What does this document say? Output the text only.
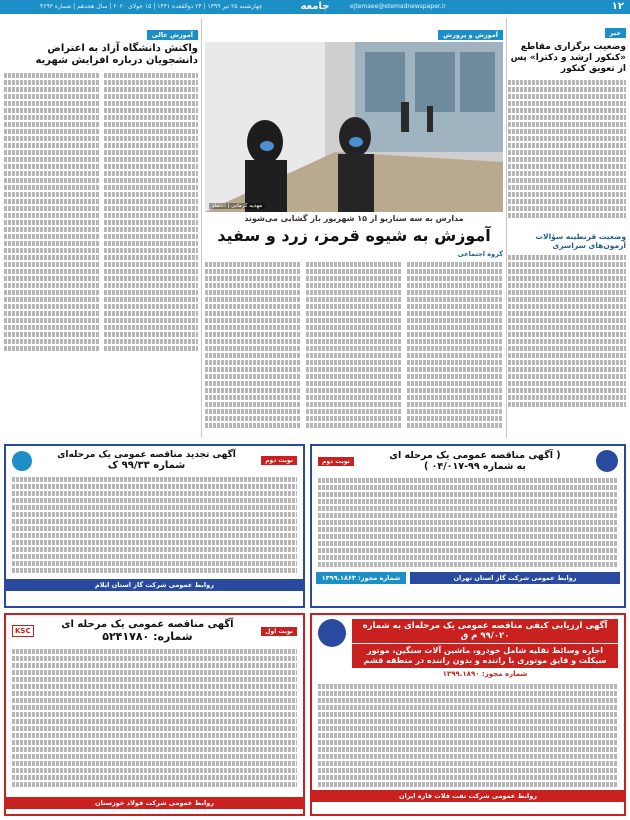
۱۲
جامعه	ejtemaee@etemadnewspaper.ir
چهارشنبه ۲۵ تیر ۱۳۹۹ | ۲۴ ذوالقعده ۱۴۴۱ | ۱۵ جولای ۲۰۲۰ | سال هجدهم | شماره ۴۶۹۳
خبر
وضعیت برگزاری مقاطع «کنکور ارشد و دکترا» پس از تعویق کنکور
وضعیت قرنطینه سؤالات آزمون‌های سراسری
آموزش و پرورش
مهدیه کرمانی | اعتماد
مدارس به سه سناریو از ۱۵ شهریور باز گشایی می‌شوند
آموزش به شیوه قرمز، زرد و سفید
گروه اجتماعی
آموزش عالی
واکنش دانشگاه آزاد به اعتراض دانشجویان درباره افزایش شهریه
نوبت دوم
آگهی تجدید مناقصه عمومی یک مرحله‌ای
شماره ۹۹/۳۳ ک
روابط عمومی شرکت گاز استان ایلام
( آگهی مناقصه عمومی یک مرحله ای
به شماره ۹۹-۰۴/۰۱۷ )
نوبت دوم
روابط عمومی شرکت گاز استان تهران
شماره مجوز: ۱۳۹۹.۱۸۶۳
نوبت اول
آگهی مناقصه عمومی یک مرحله ای
شماره: ۵۲۴۱۷۸۰
KSC
روابط عمومی شرکت فولاد خوزستان
آگهی ارزیابی کیفی مناقصه عمومی یک مرحله‌ای به شماره ۹۹/۰۲۰ م ق
اجاره وسائط نقلیه شامل خودرو، ماشین آلات سنگین، موتور سیکلت و قایق موتوری با راننده و بدون راننده در منطقه قشم
شماره مجوز: ۱۳۹۹.۱۸۹۰
روابط عمومی شرکت نفت فلات قاره ایران
